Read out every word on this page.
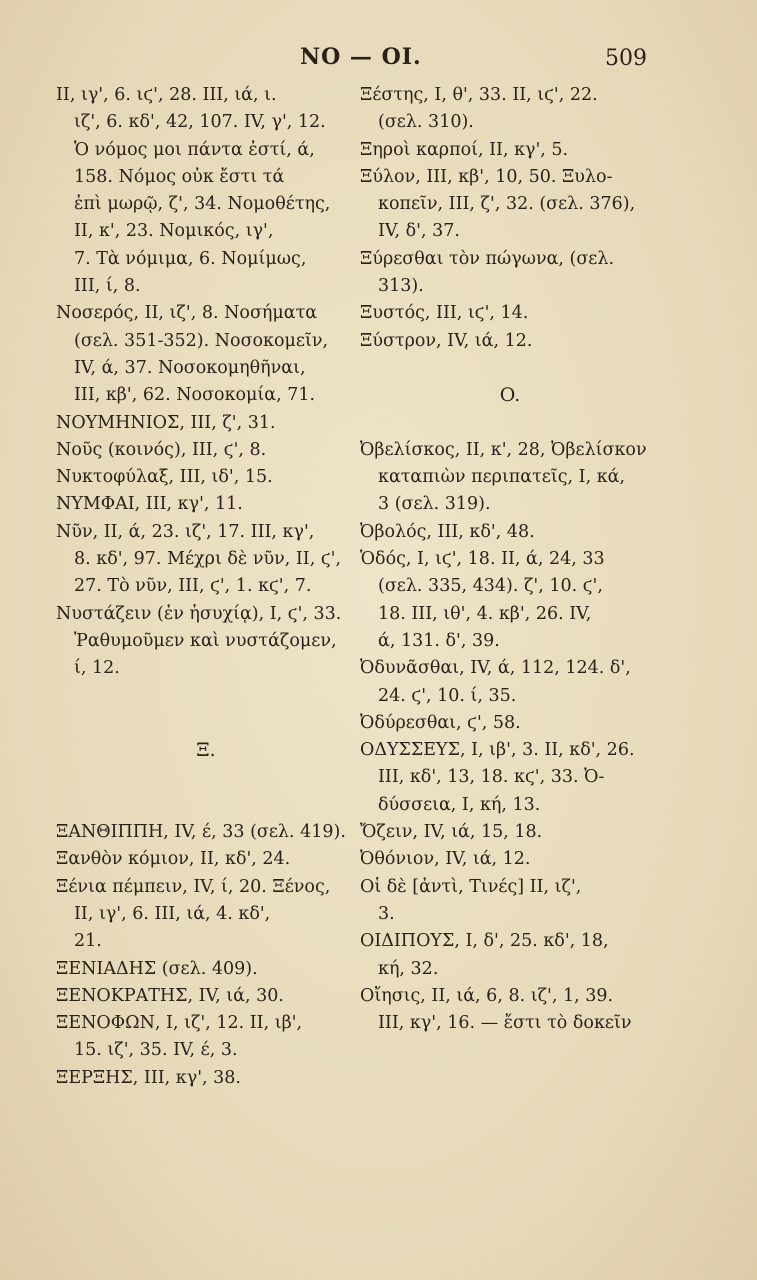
NO — OI.	509
II, ιγ', 6. ιϛ', 28. III, ιά, ι.
ιζ', 6. κδ', 42, 107. IV, γ', 12.
Ὁ νόμος μοι πάντα ἐστί, ά,
158. Νόμος οὐκ ἔστι τά
ἐπὶ μωρῷ, ζ', 34. Νομοθέτης,
II, κ', 23. Νομικός, ιγ',
7. Τὰ νόμιμα, 6. Νομίμως,
III, ί, 8.
Νοσερός, II, ιζ', 8. Νοσήματα
(σελ. 351-352). Νοσοκομεῖν,
IV, ά, 37. Νοσοκομηθῆναι,
III, κβ', 62. Νοσοκομία, 71.
ΝΟΥΜΗΝΙΟΣ, III, ζ', 31.
Νοῦς (κοινός), III, ϛ', 8.
Νυκτοφύλαξ, III, ιδ', 15.
ΝΥΜΦΑΙ, III, κγ', 11.
Νῦν, II, ά, 23. ιζ', 17. III, κγ',
8. κδ', 97. Μέχρι δὲ νῦν, II, ϛ',
27. Τὸ νῦν, III, ϛ', 1. κϛ', 7.
Νυστάζειν (ἐν ἡσυχίᾳ), I, ϛ', 33.
Ῥαθυμοῦμεν καὶ νυστάζομεν,
ί, 12.
Ξ.
ΞΑΝΘΙΠΠΗ, IV, έ, 33 (σελ. 419).
Ξανθὸν κόμιον, II, κδ', 24.
Ξένια πέμπειν, IV, ί, 20. Ξένος,
II, ιγ', 6. III, ιά, 4. κδ',
21.
ΞΕΝΙΑΔΗΣ (σελ. 409).
ΞΕΝΟΚΡΑΤΗΣ, IV, ιά, 30.
ΞΕΝΟΦΩΝ, I, ιζ', 12. II, ιβ',
15. ιζ', 35. IV, έ, 3.
ΞΕΡΞΗΣ, III, κγ', 38.
Ξέστης, I, θ', 33. II, ιϛ', 22.
(σελ. 310).
Ξηροὶ καρποί, II, κγ', 5.
Ξύλον, III, κβ', 10, 50. Ξυλο-
κοπεῖν, III, ζ', 32. (σελ. 376),
IV, δ', 37.
Ξύρεσθαι τὸν πώγωνα, (σελ.
313).
Ξυστός, III, ιϛ', 14.
Ξύστρον, IV, ιά, 12.
O.
Ὀβελίσκος, II, κ', 28, Ὀβελίσκον
καταπιὼν περιπατεῖς, I, κά,
3 (σελ. 319).
Ὀβολός, III, κδ', 48.
Ὁδός, I, ιϛ', 18. II, ά, 24, 33
(σελ. 335, 434). ζ', 10. ϛ',
18. III, ιθ', 4. κβ', 26. IV,
ά, 131. δ', 39.
Ὀδυνᾶσθαι, IV, ά, 112, 124. δ',
24. ϛ', 10. ί, 35.
Ὀδύρεσθαι, ϛ', 58.
ΟΔΥΣΣΕΥΣ, I, ιβ', 3. II, κδ', 26.
III, κδ', 13, 18. κϛ', 33. Ὀ-
δύσσεια, I, κή, 13.
Ὄζειν, IV, ιά, 15, 18.
Ὀθόνιον, IV, ιά, 12.
Οἱ δὲ [ἀντὶ, Τινές] II, ιζ',
3.
ΟΙΔΙΠΟΥΣ, I, δ', 25. κδ', 18,
κή, 32.
Οἴησις, II, ιά, 6, 8. ιζ', 1, 39.
III, κγ', 16. — ἔστι τὸ δοκεῖν
